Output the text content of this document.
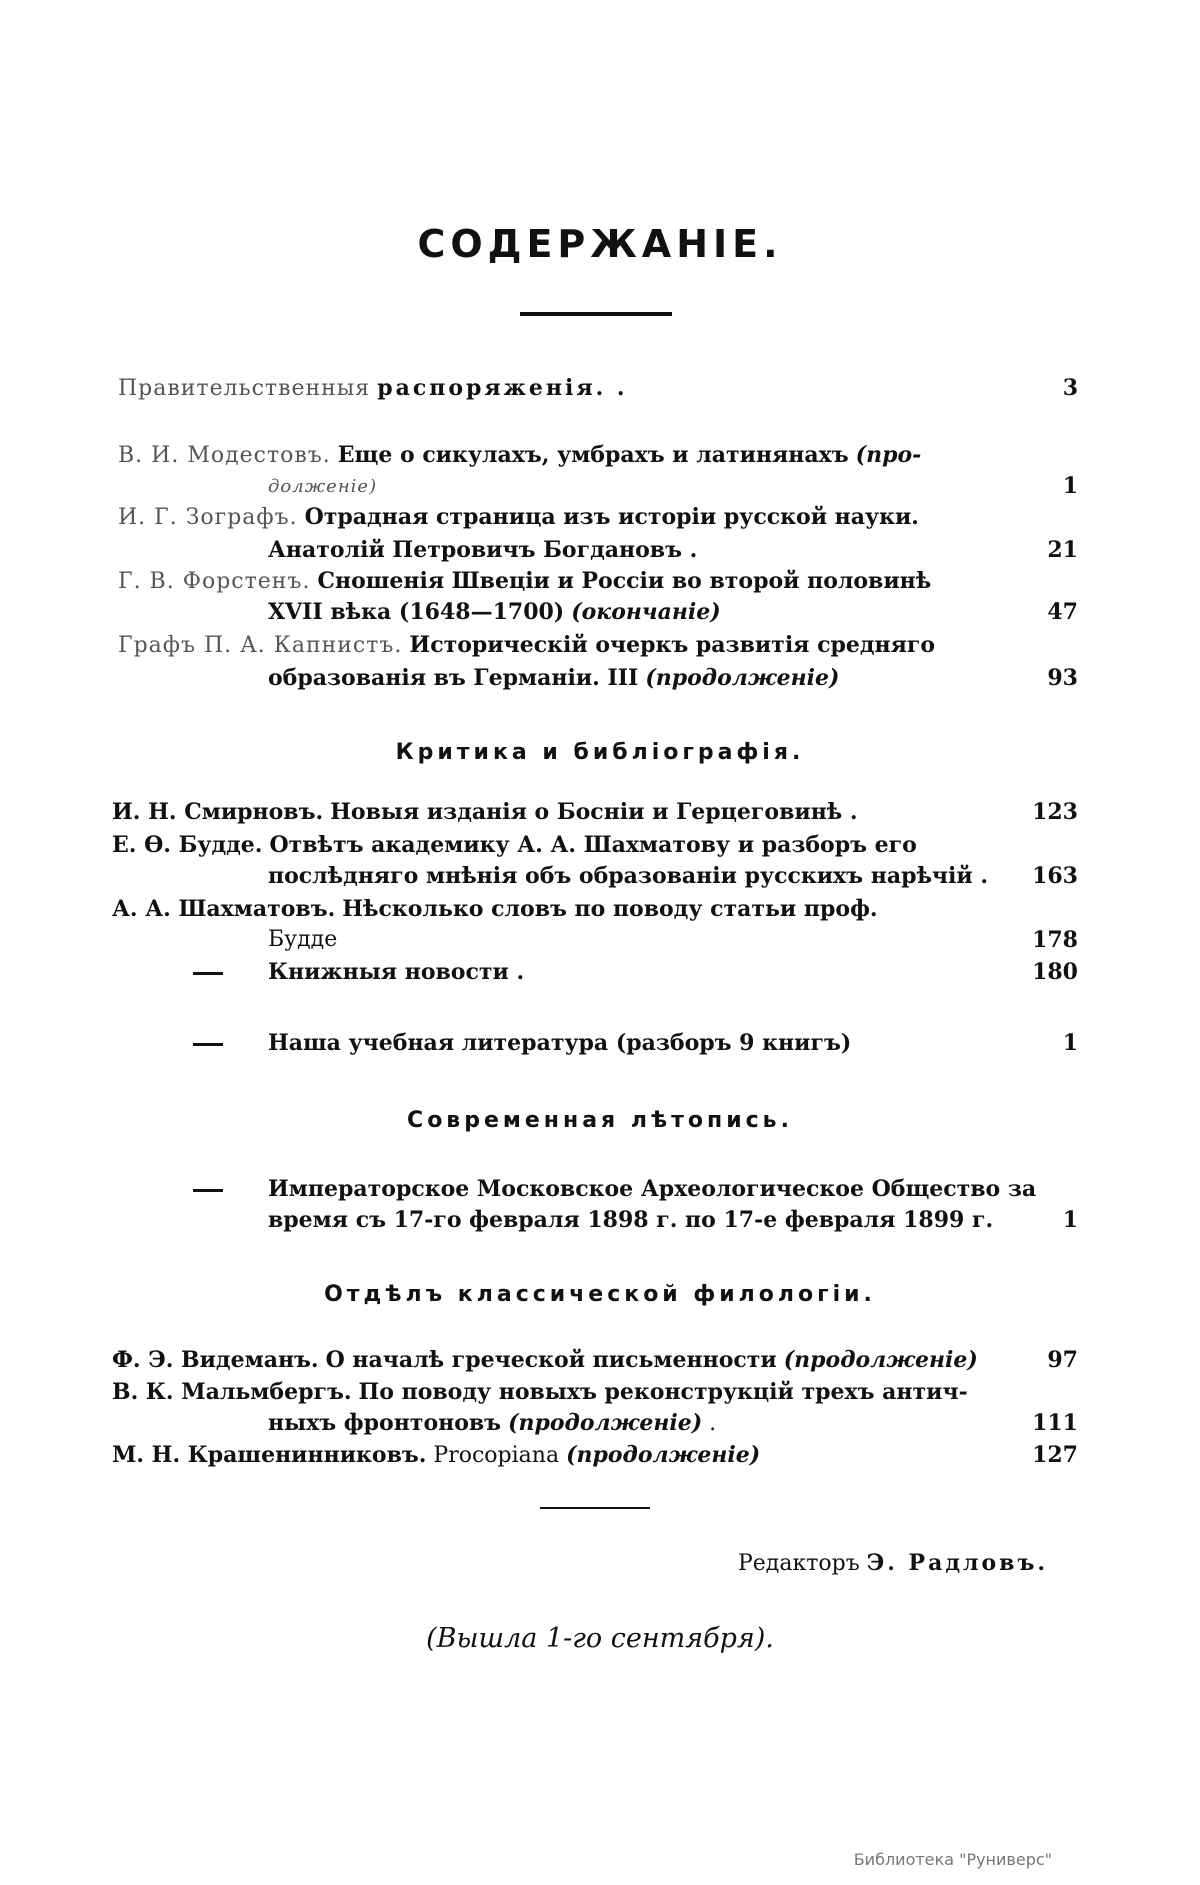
СОДЕРЖАНІЕ.
Правительственныя распоряженія. .	3
В. И. Модестовъ. Еще о сикулахъ, умбрахъ и латинянахъ (про-
долженіе)	1
И. Г. Зографъ. Отрадная страница изъ исторіи русской науки.
Анатолій Петровичъ Богдановъ .	21
Г. В. Форстенъ. Сношенія Швеціи и Россіи во второй половинѣ
XVII вѣка (1648—1700) (окончаніе)	47
Графъ П. А. Капнистъ. Историческій очеркъ развитія средняго
образованія въ Германіи. III (продолженіе)	93
Критика и библіографія.
И. Н. Смирновъ. Новыя изданія о Босніи и Герцеговинѣ .	123
Е. Ѳ. Будде. Отвѣтъ академику А. А. Шахматову и разборъ его
послѣдняго мнѣнія объ образованіи русскихъ нарѣчій .	163
А. А. Шахматовъ. Нѣсколько словъ по поводу статьи проф.
Будде	178
Книжныя новости .	180
Наша учебная литература (разборъ 9 книгъ)	1
Современная лѣтопись.
Императорское Московское Археологическое Общество за
время съ 17-го февраля 1898 г. по 17-е февраля 1899 г.	1
Отдѣлъ классической филологіи.
Ф. Э. Видеманъ. О началѣ греческой письменности (продолженіе)	97
В. К. Мальмбергъ. По поводу новыхъ реконструкцій трехъ антич-
ныхъ фронтоновъ (продолженіе) .	111
М. Н. Крашенинниковъ. Procopiana (продолженіе)	127
Редакторъ Э. Радловъ.
(Вышла 1-го сентября).
Библиотека "Руниверс"
